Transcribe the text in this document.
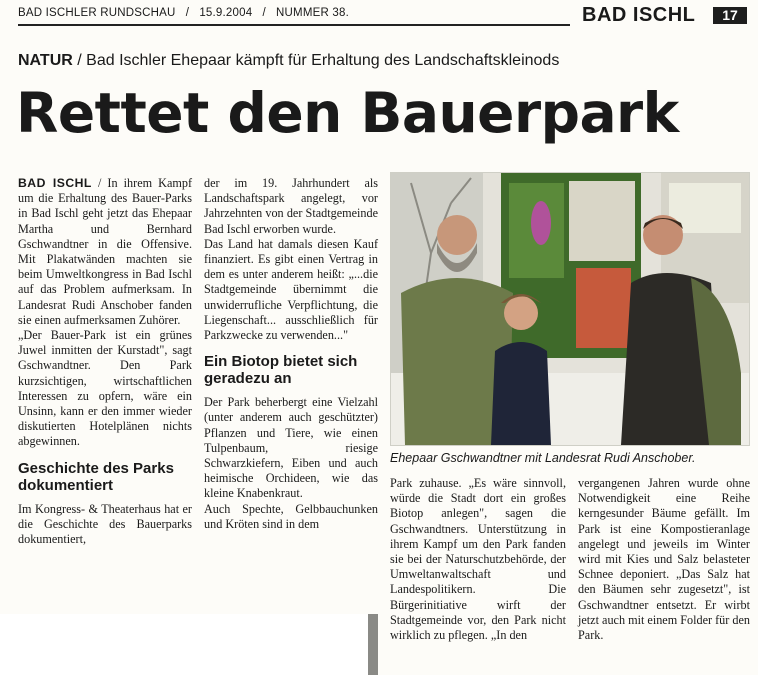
BAD ISCHLER RUNDSCHAU   /   15.9.2004   /   NUMMER 38.	BAD ISCHL	17
NATUR / Bad Ischler Ehepaar kämpft für Erhaltung des Landschaftskleinods
Rettet den Bauerpark

BAD ISCHL / In ihrem Kampf um die Erhaltung des Bauer-Parks in Bad Ischl geht jetzt das Ehepaar Martha und Bernhard Gschwandtner in die Offensive. Mit Plakatwänden machten sie beim Umweltkongress in Bad Ischl auf das Problem aufmerksam. In Landesrat Rudi Anschober fanden sie einen aufmerksamen Zuhörer.

„Der Bauer-Park ist ein grünes Juwel inmitten der Kurstadt", sagt Gschwandtner. Den Park kurzsichtigen, wirtschaftlichen Interessen zu opfern, wäre ein Unsinn, kann er den immer wieder diskutierten Hotelplänen nichts abgewinnen.

Geschichte des Parks dokumentiert

Im Kongress- & Theaterhaus hat er die Geschichte des Bauerparks dokumentiert,

der im 19. Jahrhundert als Landschaftspark angelegt, vor Jahrzehnten von der Stadtgemeinde Bad Ischl erworben wurde.

Das Land hat damals diesen Kauf finanziert. Es gibt einen Vertrag in dem es unter anderem heißt: „...die Stadtgemeinde übernimmt die unwiderrufliche Verpflichtung, die Liegenschaft... ausschließlich für Parkzwecke zu verwenden..."

Ein Biotop bietet sich geradezu an

Der Park beherbergt eine Vielzahl (unter anderem auch geschützter) Pflanzen und Tiere, wie einen Tulpenbaum, riesige Schwarzkiefern, Eiben und auch heimische Orchideen, wie das kleine Knabenkraut.

Auch Spechte, Gelbbauchunken und Kröten sind in dem

Ehepaar Gschwandtner mit Landesrat Rudi Anschober.

Park zuhause. „Es wäre sinnvoll, würde die Stadt dort ein großes Biotop anlegen", sagen die Gschwandtners. Unterstützung in ihrem Kampf um den Park fanden sie bei der Naturschutzbehörde, der Umweltanwaltschaft und Landespolitikern. Die Bürgerinitiative wirft der Stadtgemeinde vor, den Park nicht wirklich zu pflegen. „In den

vergangenen Jahren wurde ohne Notwendigkeit eine Reihe kerngesunder Bäume gefällt. Im Park ist eine Kompostieranlage angelegt und jeweils im Winter wird mit Kies und Salz belasteter Schnee deponiert. „Das Salz hat den Bäumen sehr zugesetzt", ist Gschwandtner entsetzt. Er wirbt jetzt auch mit einem Folder für den Park.
